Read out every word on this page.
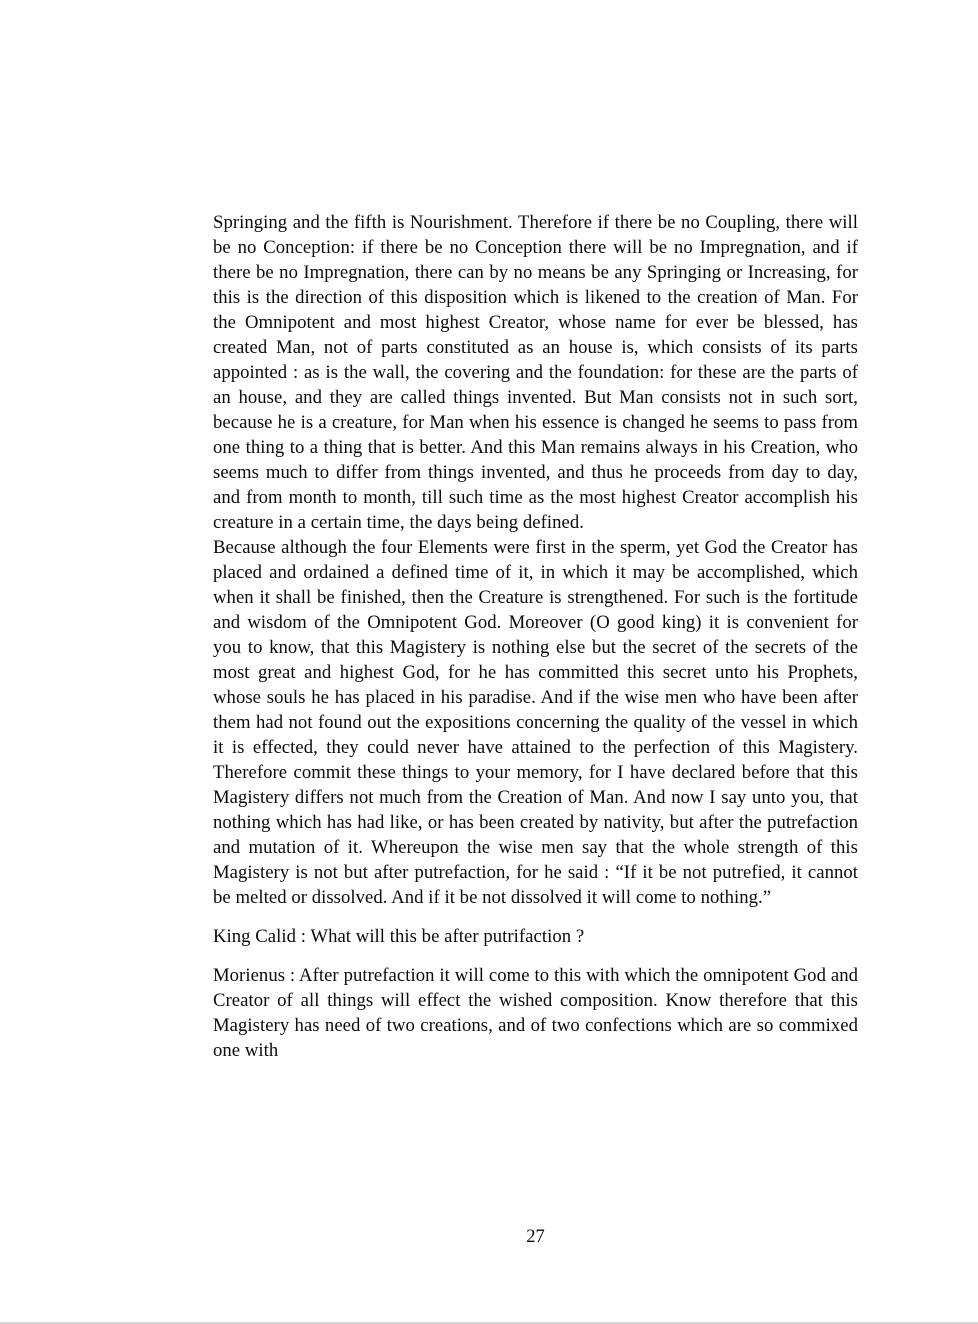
Springing and the fifth is Nourishment. Therefore if there be no Coupling, there will be no Conception: if there be no Conception there will be no Impregnation, and if there be no Impregnation, there can by no means be any Springing or Increasing, for this is the direction of this disposition which is likened to the creation of Man. For the Omnipotent and most highest Creator, whose name for ever be blessed, has created Man, not of parts constituted as an house is, which consists of its parts appointed : as is the wall, the covering and the foundation: for these are the parts of an house, and they are called things invented. But Man consists not in such sort, because he is a creature, for Man when his essence is changed he seems to pass from one thing to a thing that is better. And this Man remains always in his Creation, who seems much to differ from things invented, and thus he proceeds from day to day, and from month to month, till such time as the most highest Creator accomplish his creature in a certain time, the days being defined.

Because although the four Elements were first in the sperm, yet God the Creator has placed and ordained a defined time of it, in which it may be accomplished, which when it shall be finished, then the Creature is strengthened. For such is the fortitude and wisdom of the Omnipotent God. Moreover (O good king) it is convenient for you to know, that this Magistery is nothing else but the secret of the secrets of the most great and highest God, for he has committed this secret unto his Prophets, whose souls he has placed in his paradise. And if the wise men who have been after them had not found out the expositions concerning the quality of the vessel in which it is effected, they could never have attained to the perfection of this Magistery. Therefore commit these things to your memory, for I have declared before that this Magistery differs not much from the Creation of Man. And now I say unto you, that nothing which has had like, or has been created by nativity, but after the putrefaction and mutation of it. Whereupon the wise men say that the whole strength of this Magistery is not but after putrefaction, for he said : “If it be not putrefied, it cannot be melted or dissolved. And if it be not dissolved it will come to nothing.”

King Calid : What will this be after putrifaction ?

Morienus : After putrefaction it will come to this with which the omnipotent God and Creator of all things will effect the wished composition. Know therefore that this Magistery has need of two creations, and of two confections which are so commixed one with

27
